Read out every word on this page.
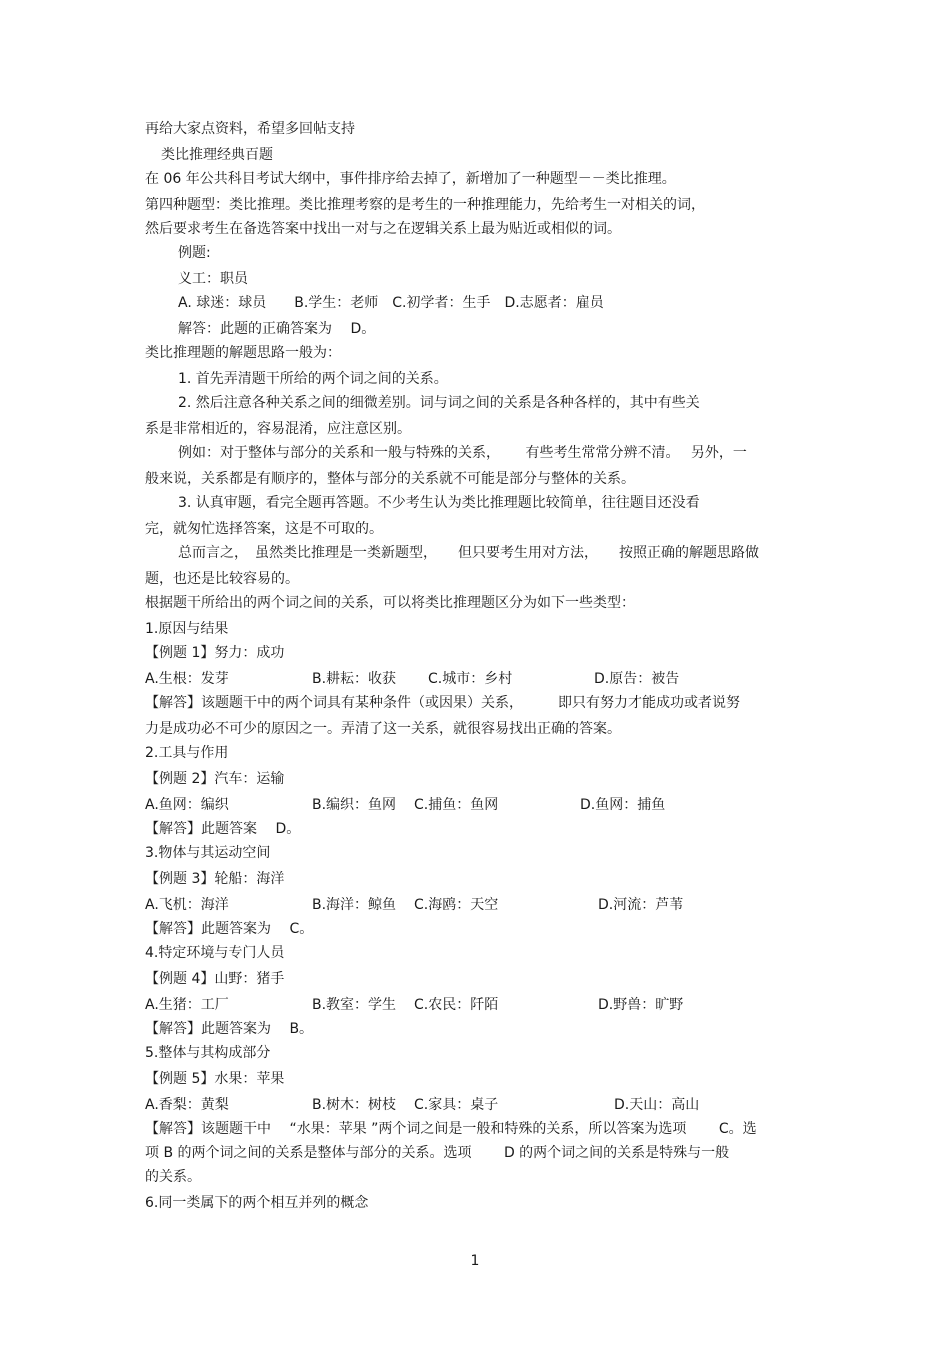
再给大家点资料，希望多回帖支持
类比推理经典百题
在 06 年公共科目考试大纲中，事件排序给去掉了，新增加了一种题型－－类比推理。
第四种题型：类比推理。类比推理考察的是考生的一种推理能力，先给考生一对相关的词，
然后要求考生在备选答案中找出一对与之在逻辑关系上最为贴近或相似的词。
例题:
义工：职员
A. 球迷：球员　　B.学生：老师　C.初学者：生手　D.志愿者：雇员
解答：此题的正确答案为　 D。
类比推理题的解题思路一般为：
1. 首先弄清题干所给的两个词之间的关系。
2. 然后注意各种关系之间的细微差别。词与词之间的关系是各种各样的，其中有些关
系是非常相近的，容易混淆，应注意区别。
例如：对于整体与部分的关系和一般与特殊的关系，　　 有些考生常常分辨不清。　 另外，一
般来说，关系都是有顺序的，整体与部分的关系就不可能是部分与整体的关系。
3. 认真审题，看完全题再答题。不少考生认为类比推理题比较简单，往往题目还没看
完，就匆忙选择答案，这是不可取的。
总而言之，　虽然类比推理是一类新题型，　　但只要考生用对方法，　　按照正确的解题思路做
题，也还是比较容易的。
根据题干所给出的两个词之间的关系，可以将类比推理题区分为如下一些类型：
1.原因与结果
【例题 1】努力：成功
A.生根：发芽	B.耕耘：收获 C.城市：乡村	D.原告：被告
【解答】该题题干中的两个词具有某种条件（或因果）关系，　　　即只有努力才能成功或者说努
力是成功必不可少的原因之一。弄清了这一关系，就很容易找出正确的答案。
2.工具与作用
【例题 2】汽车：运输
A.鱼网：编织	B.编织：鱼网 C.捕鱼：鱼网	D.鱼网：捕鱼
【解答】此题答案　 D。
3.物体与其运动空间
【例题 3】轮船：海洋
A.飞机：海洋	B.海洋：鲸鱼 C.海鸥：天空	D.河流：芦苇
【解答】此题答案为　 C。
4.特定环境与专门人员
【例题 4】山野：猪手
A.生猪：工厂	B.教室：学生 C.农民：阡陌	D.野兽：旷野
【解答】此题答案为　 B。
5.整体与其构成部分
【例题 5】水果：苹果
A.香梨：黄梨	B.树木：树枝 C.家具：桌子	D.天山：高山
【解答】该题题干中　 “水果：苹果 ”两个词之间是一般和特殊的关系，所以答案为选项　　 C。选
项 B 的两个词之间的关系是整体与部分的关系。选项　　 D 的两个词之间的关系是特殊与一般
的关系。
6.同一类属下的两个相互并列的概念
1
